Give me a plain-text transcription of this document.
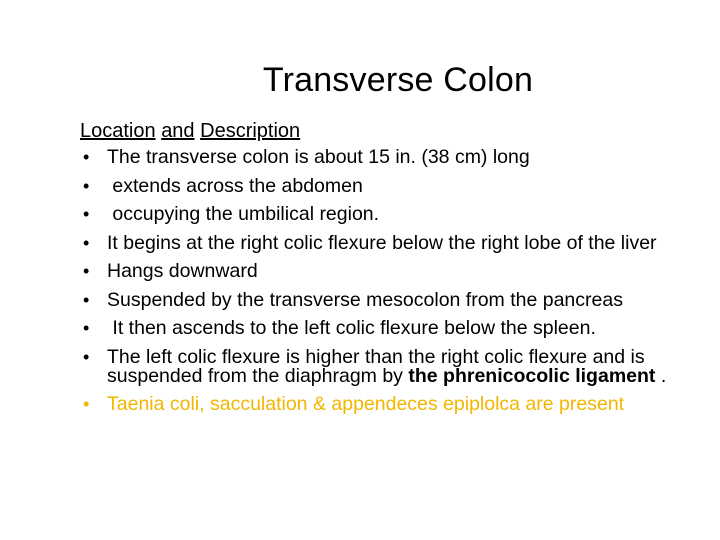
Transverse Colon
Location and Description
• The transverse colon is about 15 in. (38 cm) long
• extends across the abdomen
• occupying the umbilical region.
• It begins at the right colic flexure below the right lobe of the liver
• Hangs downward
• Suspended by the transverse mesocolon from the pancreas
• It then ascends to the left colic flexure below the spleen.
• The left colic flexure is higher than the right colic flexure and is suspended from the diaphragm by the phrenicocolic ligament .
• Taenia coli, sacculation & appendeces epiplolca are present
